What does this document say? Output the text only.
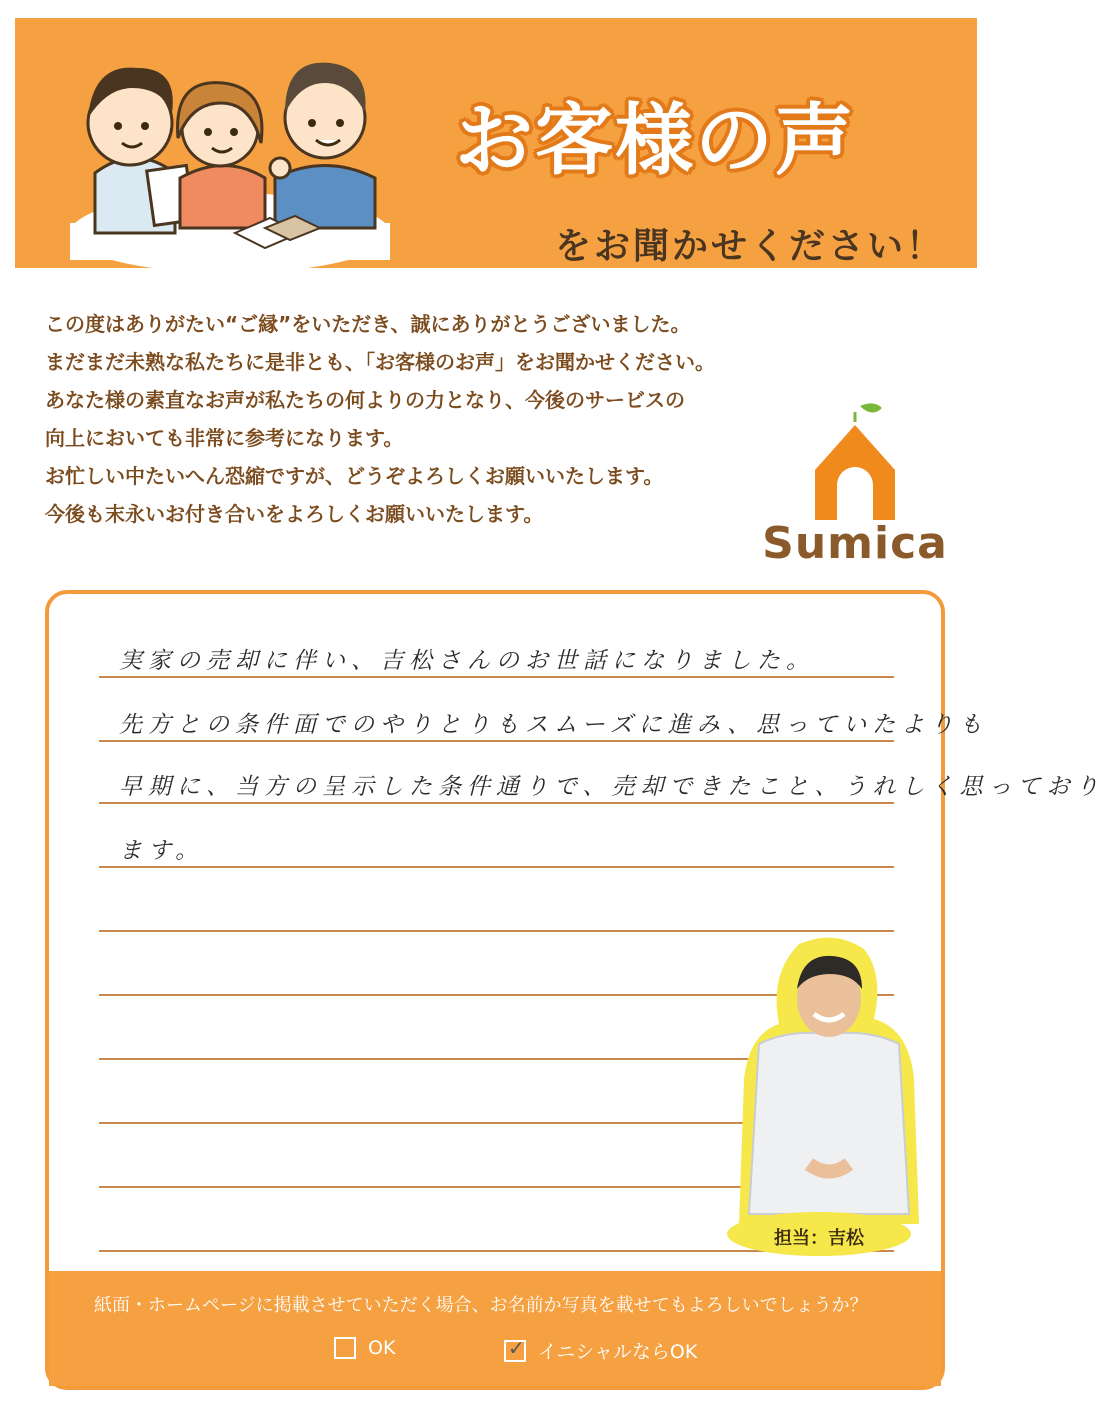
お客様の声
をお聞かせください！
この度はありがたい“ご縁”をいただき、誠にありがとうございました。
まだまだ未熟な私たちに是非とも、「お客様のお声」をお聞かせください。
あなた様の素直なお声が私たちの何よりの力となり、今後のサービスの
向上においても非常に参考になります。
お忙しい中たいへん恐縮ですが、どうぞよろしくお願いいたします。
今後も末永いお付き合いをよろしくお願いいたします。
Sumica
実家の売却に伴い、吉松さんのお世話になりました。
先方との条件面でのやりとりもスムーズに進み、思っていたよりも
早期に、当方の呈示した条件通りで、売却できたこと、うれしく思っており
ます。
担当：吉松
紙面・ホームページに掲載させていただく場合、お名前か写真を載せてもよろしいでしょうか？
OK	✓ イニシャルならOK
